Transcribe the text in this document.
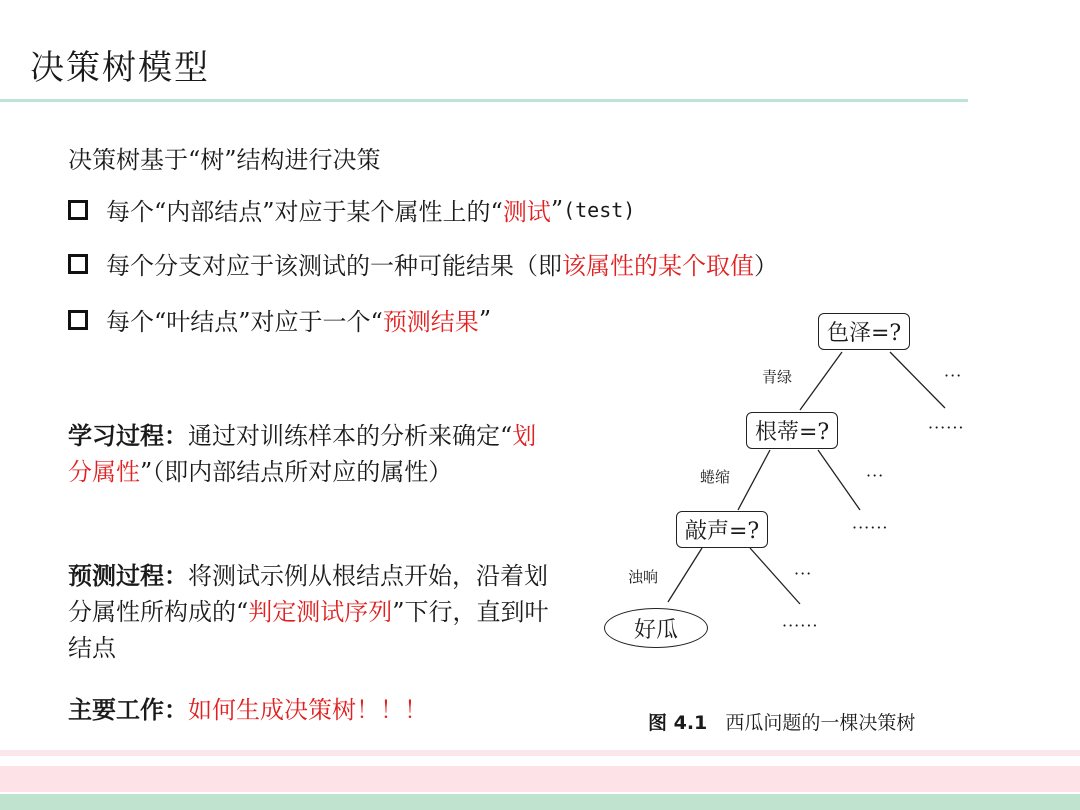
决策树模型
决策树基于“树”结构进行决策
每个“内部结点”对应于某个属性上的“ 测试 ” (test)
每个分支对应于该测试的一种可能结果（即 该属性的某个取值 ）
每个“叶结点”对应于一个“ 预测结果 ”
学习过程：通过对训练样本的分析来确定“划分属性”（即内部结点所对应的属性）
预测过程：将测试示例从根结点开始，沿着划分属性所构成的“判定测试序列”下行，直到叶结点
主要工作：如何生成决策树！！！
色泽=?
青绿	···
根蒂=?	······
蜷缩	···
敲声=?	······
浊响	···
好瓜	······
图 4.1 西瓜问题的一棵决策树
